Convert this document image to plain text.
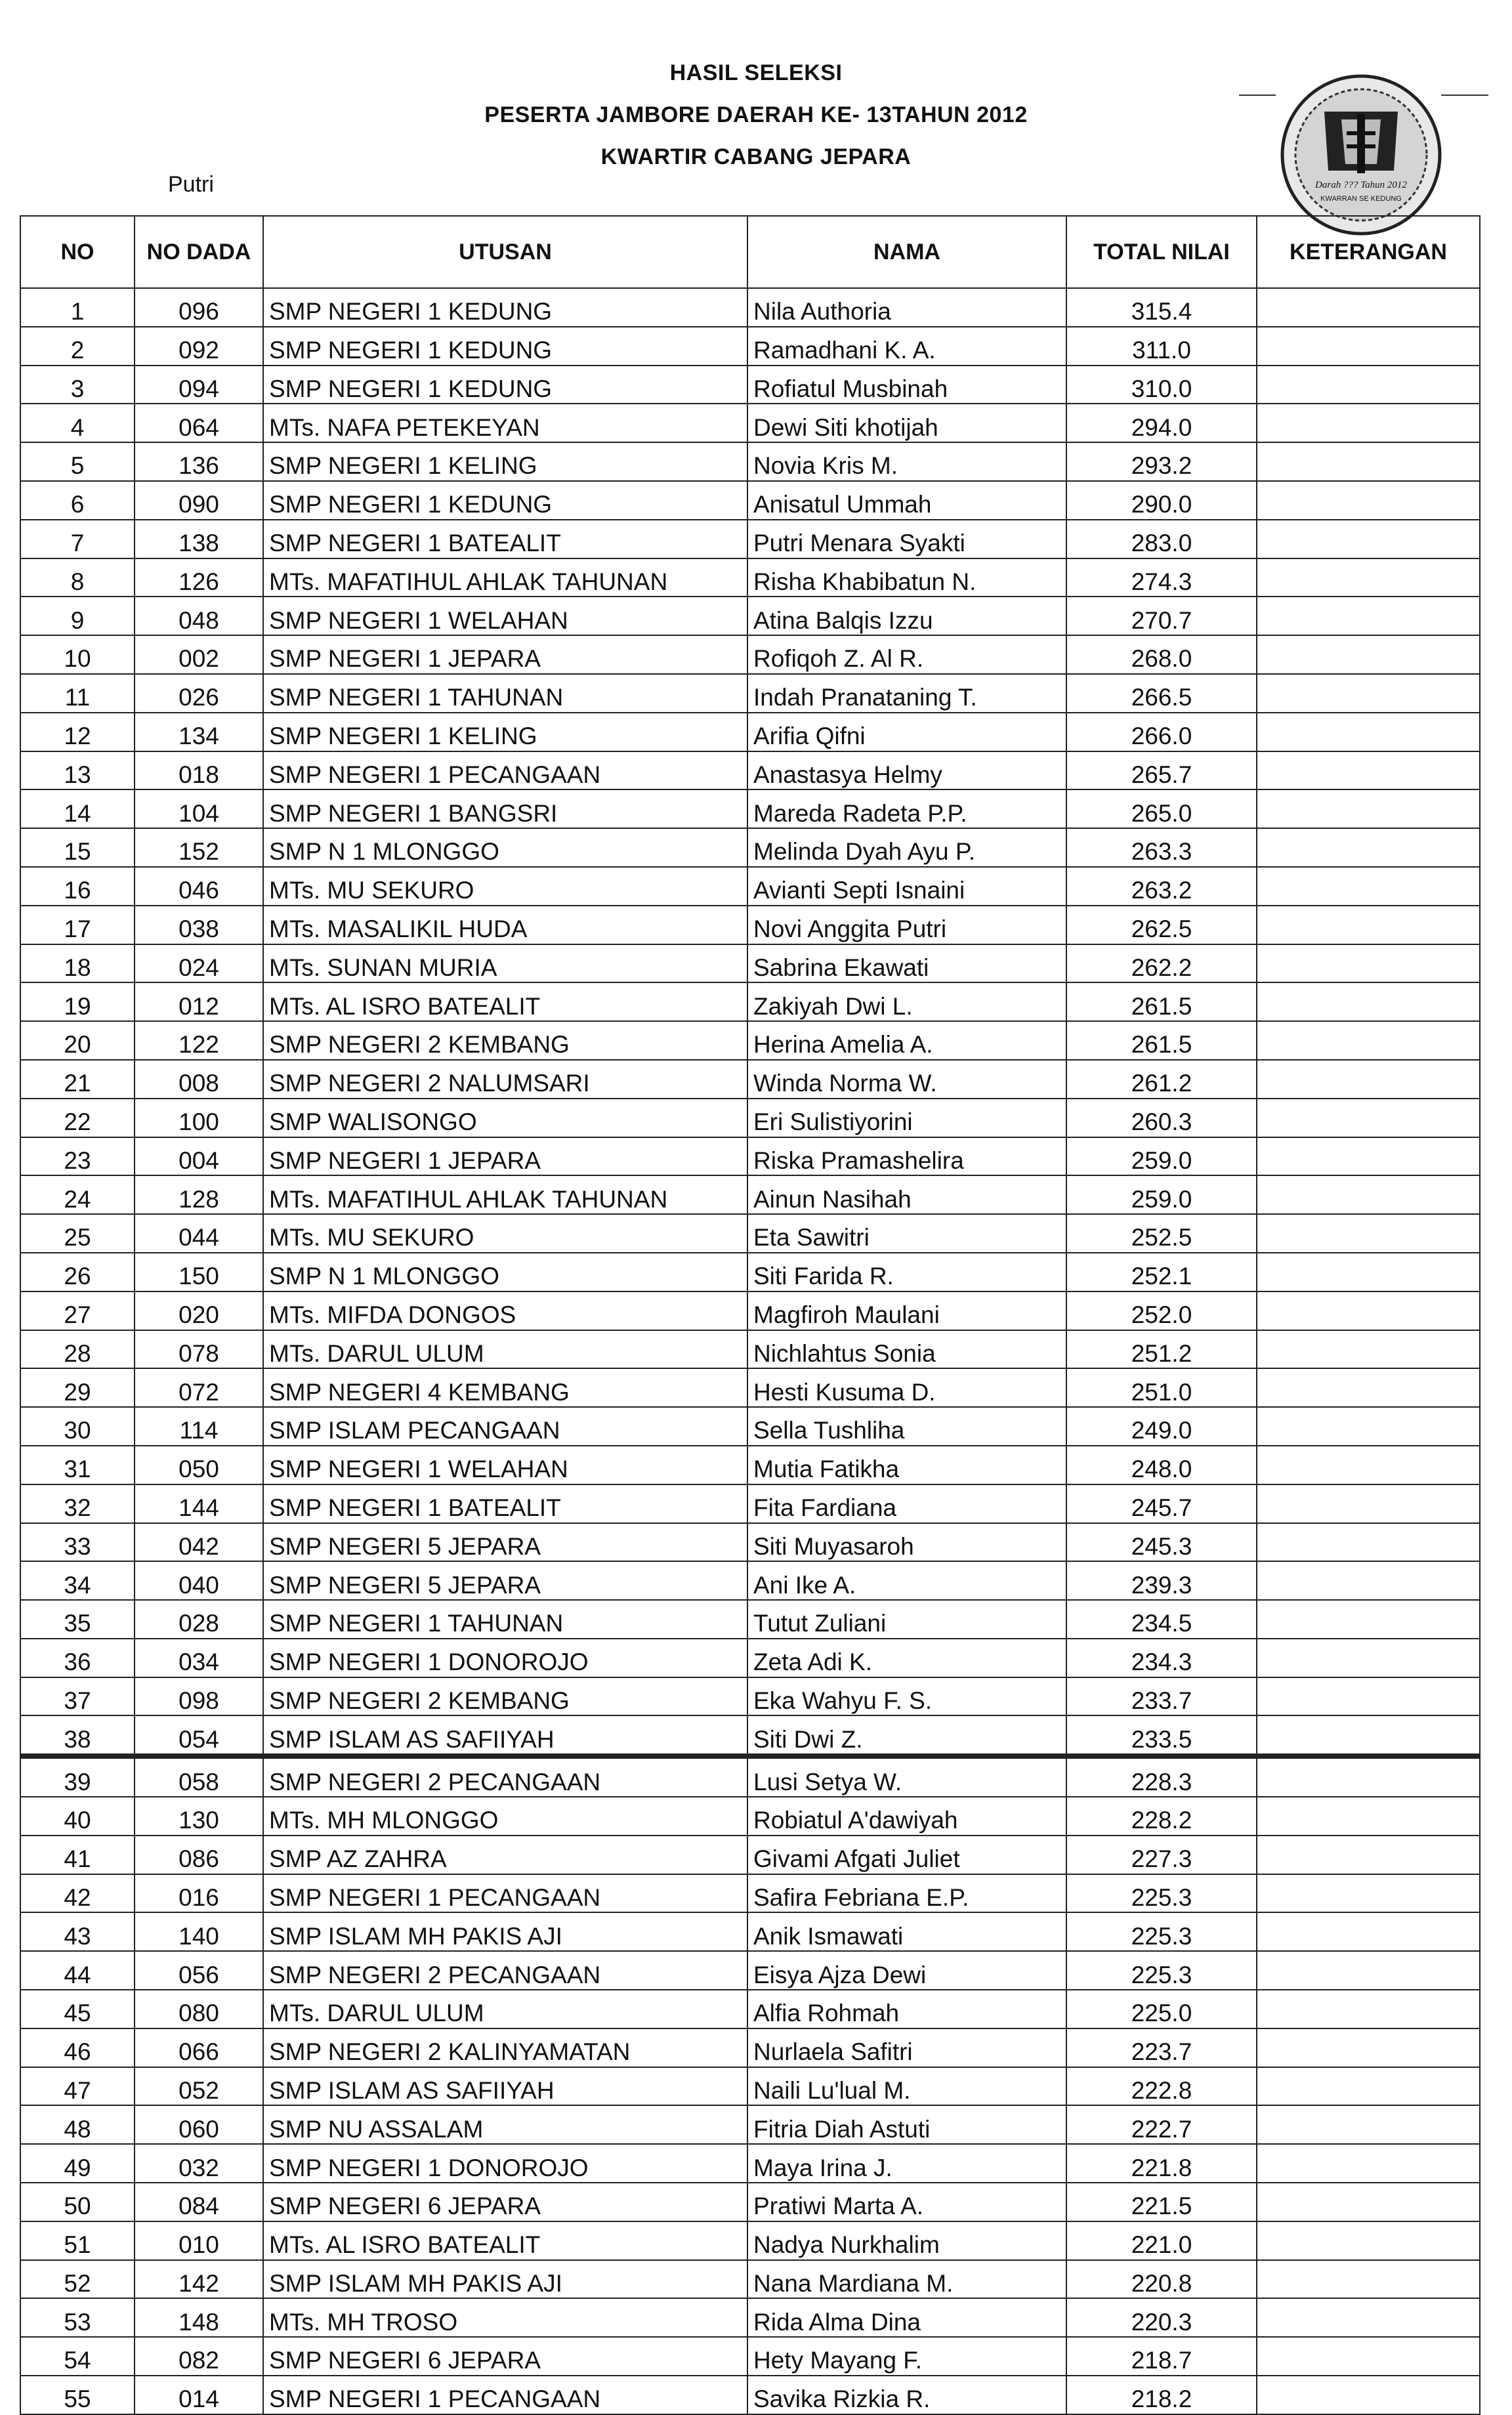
HASIL SELEKSI
PESERTA JAMBORE DAERAH KE- 13TAHUN 2012
KWARTIR CABANG JEPARA
Putri	Darah ??? Tahun 2012
KWARRAN SE KEDUNG
NO	NO DADA	UTUSAN	NAMA	TOTAL NILAI	KETERANGAN
1	096	SMP NEGERI 1 KEDUNG	Nila Authoria	315.4	
2	092	SMP NEGERI 1 KEDUNG	Ramadhani K. A.	311.0	
3	094	SMP NEGERI 1 KEDUNG	Rofiatul Musbinah	310.0	
4	064	MTs. NAFA PETEKEYAN	Dewi Siti khotijah	294.0	
5	136	SMP NEGERI 1 KELING	Novia Kris M.	293.2	
6	090	SMP NEGERI 1 KEDUNG	Anisatul Ummah	290.0	
7	138	SMP NEGERI 1 BATEALIT	Putri Menara Syakti	283.0	
8	126	MTs. MAFATIHUL AHLAK TAHUNAN	Risha Khabibatun N.	274.3	
9	048	SMP NEGERI 1 WELAHAN	Atina Balqis Izzu	270.7	
10	002	SMP NEGERI 1 JEPARA	Rofiqoh Z. Al R.	268.0	
11	026	SMP NEGERI 1 TAHUNAN	Indah Pranataning T.	266.5	
12	134	SMP NEGERI 1 KELING	Arifia Qifni	266.0	
13	018	SMP NEGERI 1 PECANGAAN	Anastasya Helmy	265.7	
14	104	SMP NEGERI 1 BANGSRI	Mareda Radeta P.P.	265.0	
15	152	SMP N 1 MLONGGO	Melinda Dyah Ayu P.	263.3	
16	046	MTs. MU SEKURO	Avianti Septi Isnaini	263.2	
17	038	MTs. MASALIKIL HUDA	Novi Anggita Putri	262.5	
18	024	MTs. SUNAN MURIA	Sabrina Ekawati	262.2	
19	012	MTs. AL ISRO BATEALIT	Zakiyah Dwi L.	261.5	
20	122	SMP NEGERI 2 KEMBANG	Herina Amelia A.	261.5	
21	008	SMP NEGERI 2 NALUMSARI	Winda Norma W.	261.2	
22	100	SMP WALISONGO	Eri Sulistiyorini	260.3	
23	004	SMP NEGERI 1 JEPARA	Riska Pramashelira	259.0	
24	128	MTs. MAFATIHUL AHLAK TAHUNAN	Ainun Nasihah	259.0	
25	044	MTs. MU SEKURO	Eta Sawitri	252.5	
26	150	SMP N 1 MLONGGO	Siti Farida R.	252.1	
27	020	MTs. MIFDA DONGOS	Magfiroh Maulani	252.0	
28	078	MTs. DARUL ULUM	Nichlahtus Sonia	251.2	
29	072	SMP NEGERI 4 KEMBANG	Hesti Kusuma D.	251.0	
30	114	SMP ISLAM PECANGAAN	Sella Tushliha	249.0	
31	050	SMP NEGERI 1 WELAHAN	Mutia Fatikha	248.0	
32	144	SMP NEGERI 1 BATEALIT	Fita Fardiana	245.7	
33	042	SMP NEGERI 5 JEPARA	Siti Muyasaroh	245.3	
34	040	SMP NEGERI 5 JEPARA	Ani Ike A.	239.3	
35	028	SMP NEGERI 1 TAHUNAN	Tutut Zuliani	234.5	
36	034	SMP NEGERI 1 DONOROJO	Zeta Adi K.	234.3	
37	098	SMP NEGERI 2 KEMBANG	Eka Wahyu F. S.	233.7	
38	054	SMP ISLAM AS SAFIIYAH	Siti Dwi Z.	233.5	
39	058	SMP NEGERI 2 PECANGAAN	Lusi Setya W.	228.3	
40	130	MTs. MH MLONGGO	Robiatul A'dawiyah	228.2	
41	086	SMP AZ ZAHRA	Givami Afgati Juliet	227.3	
42	016	SMP NEGERI 1 PECANGAAN	Safira Febriana E.P.	225.3	
43	140	SMP ISLAM MH PAKIS AJI	Anik Ismawati	225.3	
44	056	SMP NEGERI 2 PECANGAAN	Eisya Ajza Dewi	225.3	
45	080	MTs. DARUL ULUM	Alfia Rohmah	225.0	
46	066	SMP NEGERI 2 KALINYAMATAN	Nurlaela Safitri	223.7	
47	052	SMP ISLAM AS SAFIIYAH	Naili Lu'lual M.	222.8	
48	060	SMP NU ASSALAM	Fitria Diah Astuti	222.7	
49	032	SMP NEGERI 1 DONOROJO	Maya Irina J.	221.8	
50	084	SMP NEGERI 6 JEPARA	Pratiwi Marta A.	221.5	
51	010	MTs. AL ISRO BATEALIT	Nadya Nurkhalim	221.0	
52	142	SMP ISLAM MH PAKIS AJI	Nana Mardiana M.	220.8	
53	148	MTs. MH TROSO	Rida Alma Dina	220.3	
54	082	SMP NEGERI 6 JEPARA	Hety Mayang F.	218.7	
55	014	SMP NEGERI 1 PECANGAAN	Savika Rizkia R.	218.2	
